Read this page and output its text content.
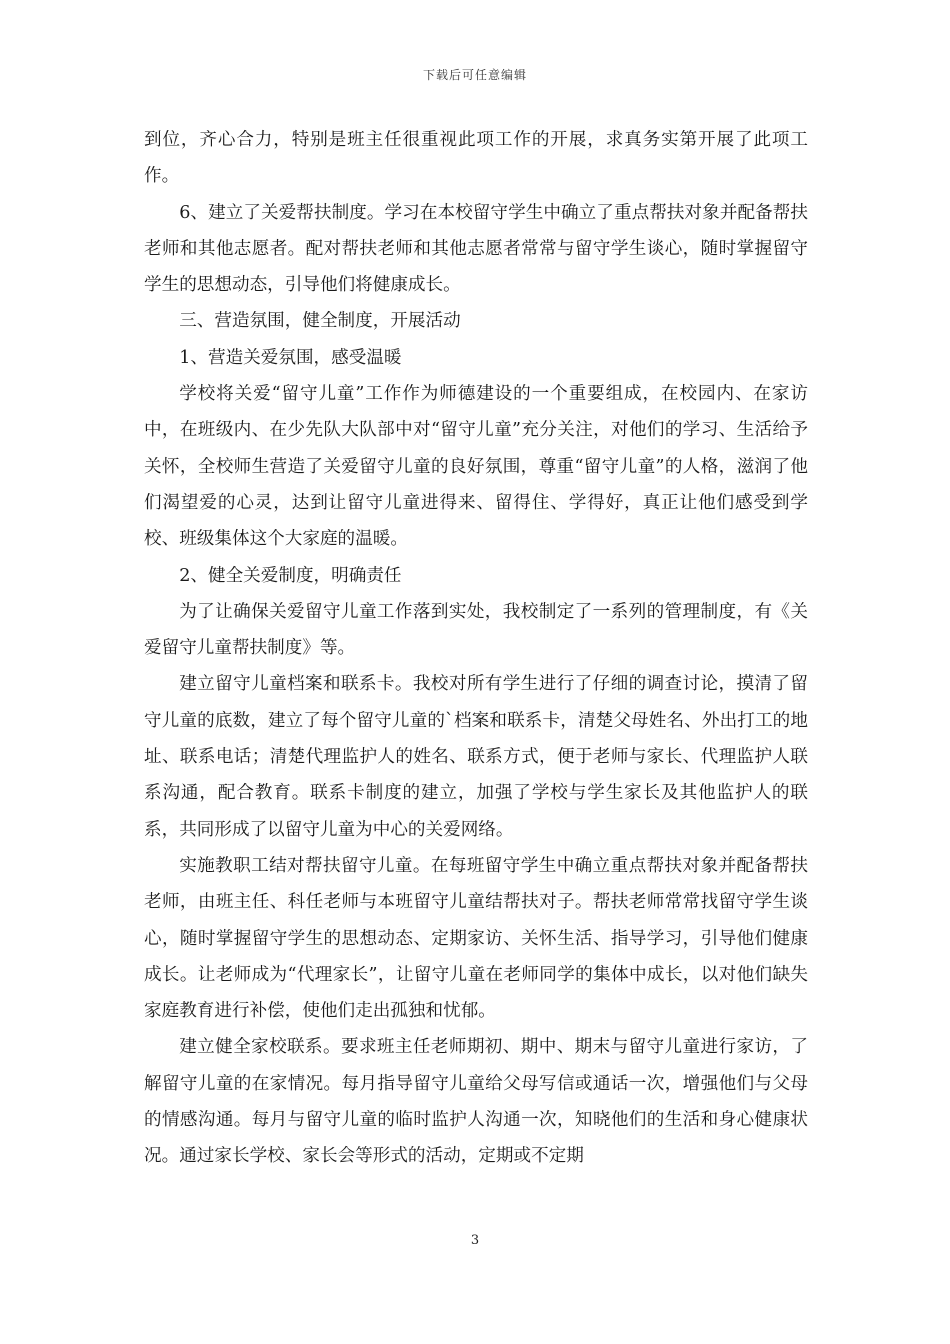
下载后可任意编辑

到位，齐心合力，特别是班主任很重视此项工作的开展，求真务实第开展了此项工作。

6、建立了关爱帮扶制度。学习在本校留守学生中确立了重点帮扶对象并配备帮扶老师和其他志愿者。配对帮扶老师和其他志愿者常常与留守学生谈心，随时掌握留守学生的思想动态，引导他们将健康成长。

三、营造氛围，健全制度，开展活动

1、营造关爱氛围，感受温暖

学校将关爱“留守儿童”工作作为师德建设的一个重要组成，在校园内、在家访中，在班级内、在少先队大队部中对“留守儿童”充分关注，对他们的学习、生活给予关怀，全校师生营造了关爱留守儿童的良好氛围，尊重“留守儿童”的人格，滋润了他们渴望爱的心灵，达到让留守儿童进得来、留得住、学得好，真正让他们感受到学校、班级集体这个大家庭的温暖。

2、健全关爱制度，明确责任

为了让确保关爱留守儿童工作落到实处，我校制定了一系列的管理制度，有《关爱留守儿童帮扶制度》等。

建立留守儿童档案和联系卡。我校对所有学生进行了仔细的调查讨论，摸清了留守儿童的底数，建立了每个留守儿童的`档案和联系卡，清楚父母姓名、外出打工的地址、联系电话；清楚代理监护人的姓名、联系方式，便于老师与家长、代理监护人联系沟通，配合教育。联系卡制度的建立，加强了学校与学生家长及其他监护人的联系，共同形成了以留守儿童为中心的关爱网络。

实施教职工结对帮扶留守儿童。在每班留守学生中确立重点帮扶对象并配备帮扶老师，由班主任、科任老师与本班留守儿童结帮扶对子。帮扶老师常常找留守学生谈心，随时掌握留守学生的思想动态、定期家访、关怀生活、指导学习，引导他们健康成长。让老师成为“代理家长”，让留守儿童在老师同学的集体中成长，以对他们缺失家庭教育进行补偿，使他们走出孤独和忧郁。

建立健全家校联系。要求班主任老师期初、期中、期末与留守儿童进行家访，了解留守儿童的在家情况。每月指导留守儿童给父母写信或通话一次，增强他们与父母的情感沟通。每月与留守儿童的临时监护人沟通一次，知晓他们的生活和身心健康状况。通过家长学校、家长会等形式的活动，定期或不定期

3
